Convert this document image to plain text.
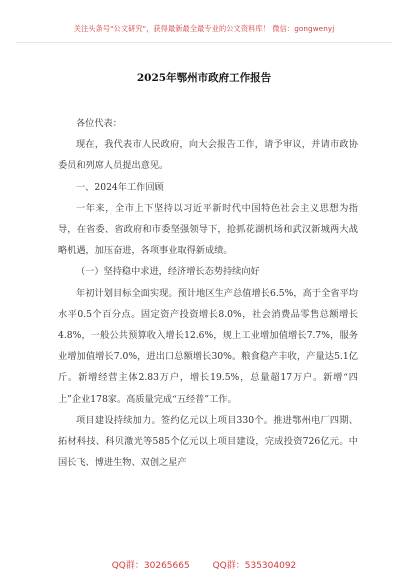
关注头条号"公文研究"，获得最新最全最专业的公文资料库！ 微信：gongwenyj
2025年鄂州市政府工作报告

各位代表：

现在，我代表市人民政府，向大会报告工作，请予审议，并请市政协委员和列席人员提出意见。

一、2024年工作回顾

一年来，全市上下坚持以习近平新时代中国特色社会主义思想为指导，在省委、省政府和市委坚强领导下，抢抓花湖机场和武汉新城两大战略机遇，加压奋进，各项事业取得新成绩。

（一）坚持稳中求进，经济增长态势持续向好

年初计划目标全面实现。预计地区生产总值增长6.5%，高于全省平均水平0.5个百分点。固定资产投资增长8.0%，社会消费品零售总额增长4.8%，一般公共预算收入增长12.6%，规上工业增加值增长7.7%，服务业增加值增长7.0%，进出口总额增长30%。粮食稳产丰收，产量达5.1亿斤。新增经营主体2.83万户，增长19.5%，总量超17万户。新增“四上”企业178家。高质量完成“五经普”工作。

项目建设持续加力。签约亿元以上项目330个。推进鄂州电厂四期、拓材科技、科贝激光等585个亿元以上项目建设，完成投资726亿元。中国长飞、博进生物、双创之星产

QQ群：30265665	QQ群：535304092
